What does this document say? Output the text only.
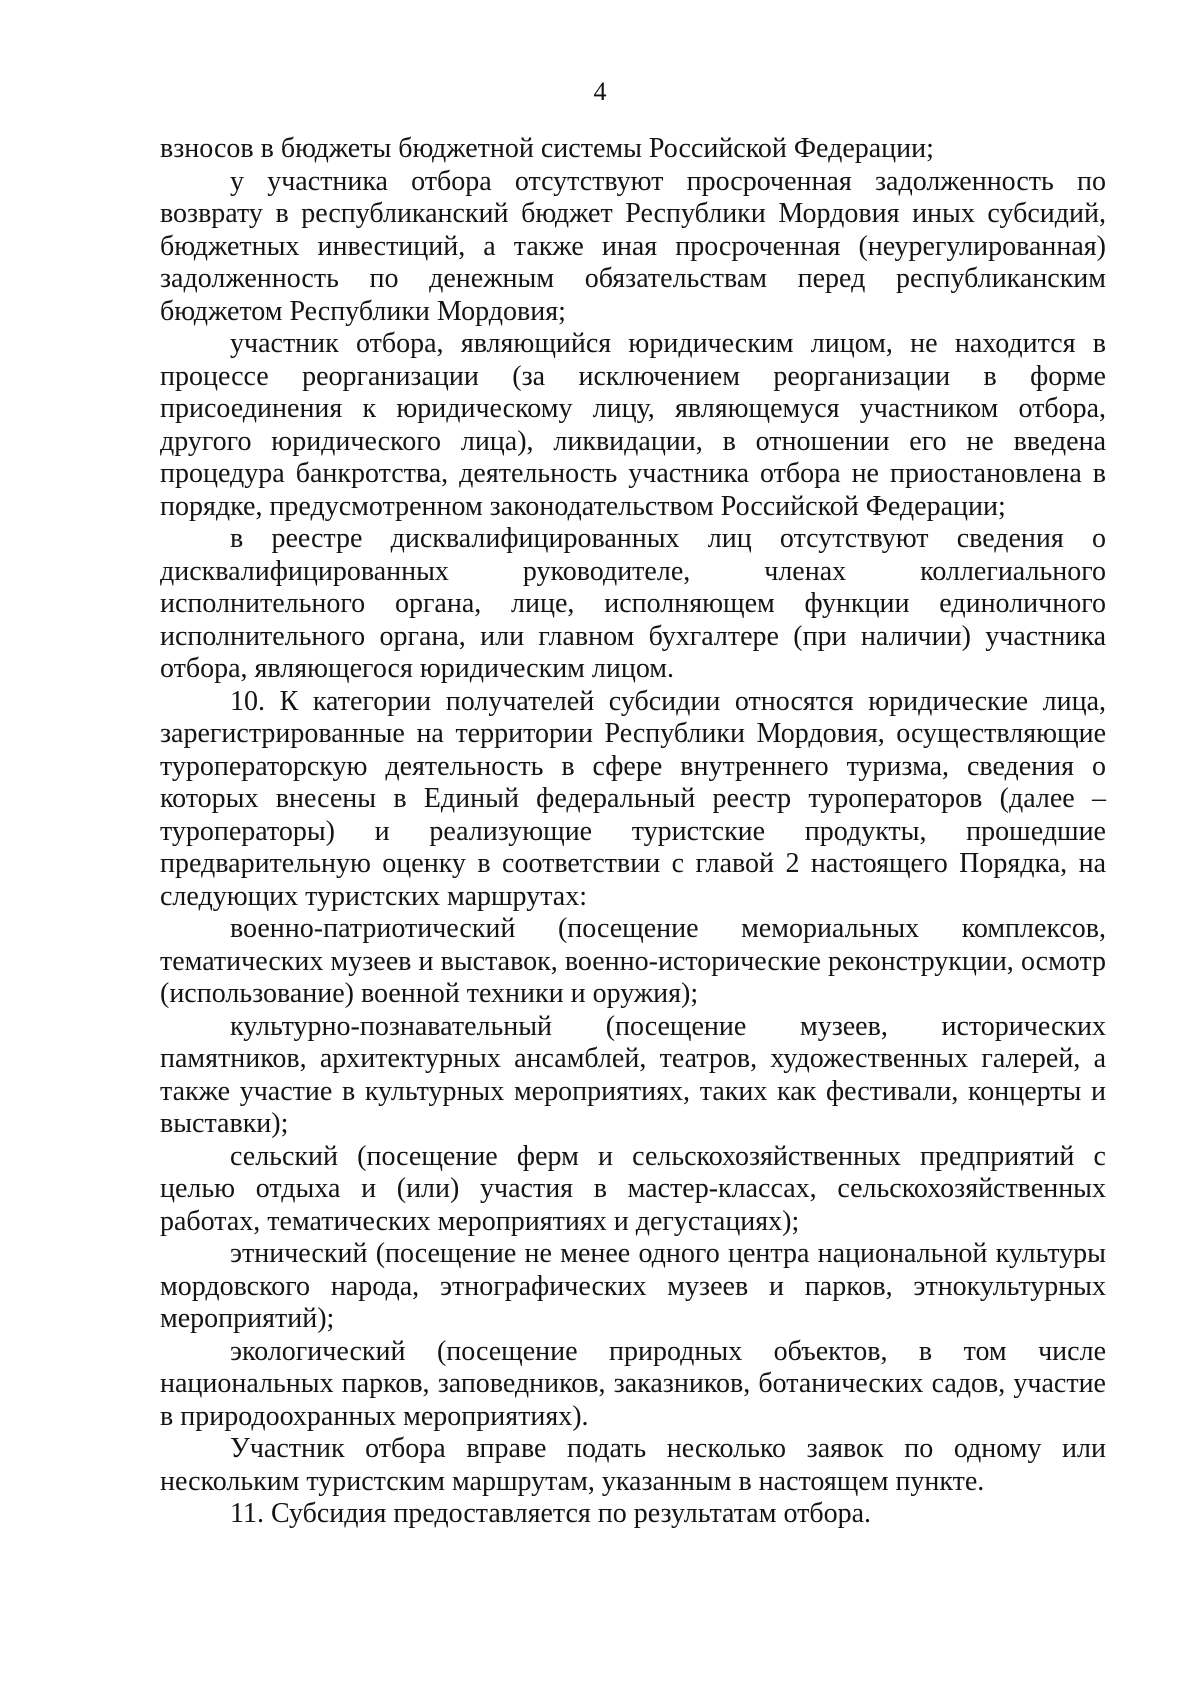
4

взносов в бюджеты бюджетной системы Российской Федерации;

у участника отбора отсутствуют просроченная задолженность по возврату в республиканский бюджет Республики Мордовия иных субсидий, бюджетных инвестиций, а также иная просроченная (неурегулированная) задолженность по денежным обязательствам перед республиканским бюджетом Республики Мордовия;

участник отбора, являющийся юридическим лицом, не находится в процессе реорганизации (за исключением реорганизации в форме присоединения к юридическому лицу, являющемуся участником отбора, другого юридического лица), ликвидации, в отношении его не введена процедура банкротства, деятельность участника отбора не приостановлена в порядке, предусмотренном законодательством Российской Федерации;

в реестре дисквалифицированных лиц отсутствуют сведения о дисквалифицированных руководителе, членах коллегиального исполнительного органа, лице, исполняющем функции единоличного исполнительного органа, или главном бухгалтере (при наличии) участника отбора, являющегося юридическим лицом.

10. К категории получателей субсидии относятся юридические лица, зарегистрированные на территории Республики Мордовия, осуществляющие туроператорскую деятельность в сфере внутреннего туризма, сведения о которых внесены в Единый федеральный реестр туроператоров (далее – туроператоры) и реализующие туристские продукты, прошедшие предварительную оценку в соответствии с главой 2 настоящего Порядка, на следующих туристских маршрутах:

военно-патриотический (посещение мемориальных комплексов, тематических музеев и выставок, военно-исторические реконструкции, осмотр (использование) военной техники и оружия);

культурно-познавательный (посещение музеев, исторических памятников, архитектурных ансамблей, театров, художественных галерей, а также участие в культурных мероприятиях, таких как фестивали, концерты и выставки);

сельский (посещение ферм и сельскохозяйственных предприятий с целью отдыха и (или) участия в мастер-классах, сельскохозяйственных работах, тематических мероприятиях и дегустациях);

этнический (посещение не менее одного центра национальной культуры мордовского народа, этнографических музеев и парков, этнокультурных мероприятий);

экологический (посещение природных объектов, в том числе национальных парков, заповедников, заказников, ботанических садов, участие в природоохранных мероприятиях).

Участник отбора вправе подать несколько заявок по одному или нескольким туристским маршрутам, указанным в настоящем пункте.

11. Субсидия предоставляется по результатам отбора.
